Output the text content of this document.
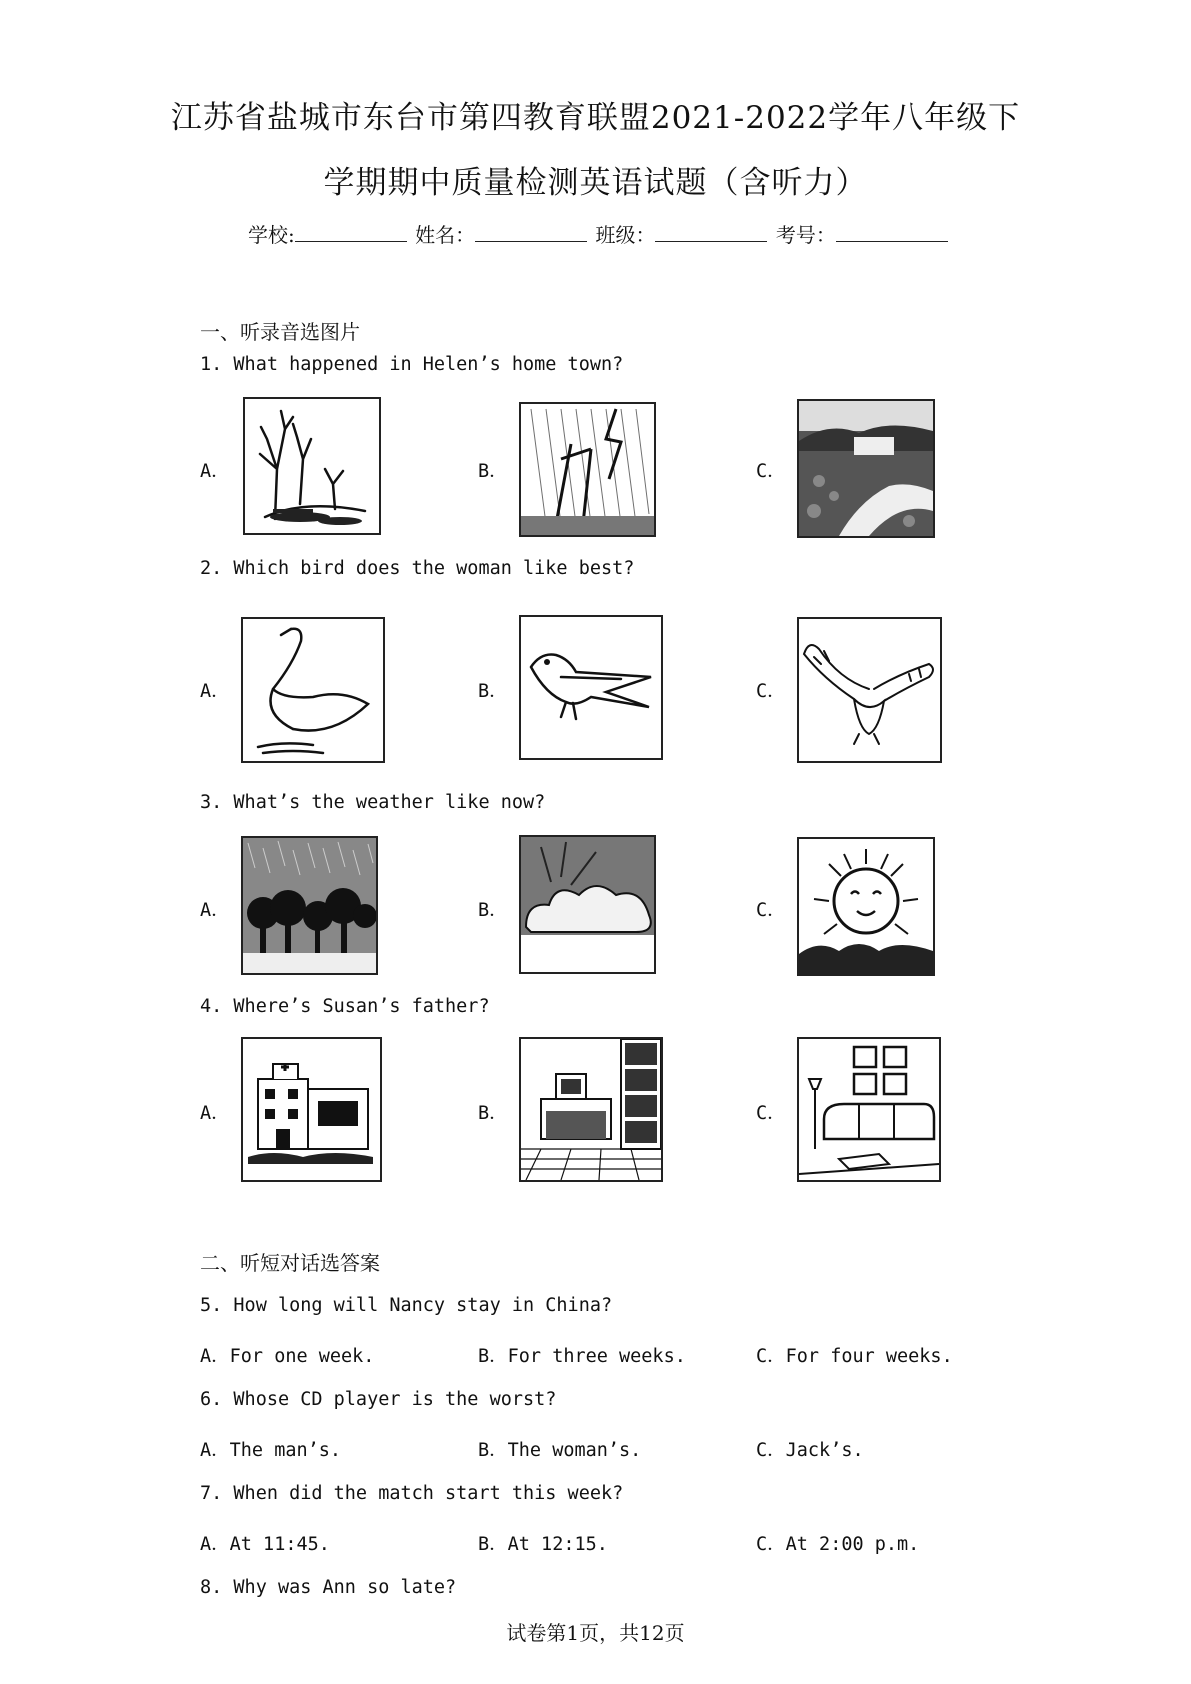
江苏省盐城市东台市第四教育联盟2021-2022学年八年级下
学期期中质量检测英语试题（含听力）
学校:	姓名：	班级：	考号：
一、听录音选图片
1. What happened in Helen’s home town?
A．	B．	C．
2. Which bird does the woman like best?
A．	B．	C．
3. What’s the weather like now?
A．	B．	C．
4. Where’s Susan’s father?
A．	B．	C．
二、听短对话选答案
5. How long will Nancy stay in China?
A．For one week.	B．For three weeks.	C．For four weeks.
6. Whose CD player is the worst?
A．The man’s.	B．The woman’s.	C．Jack’s.
7. When did the match start this week?
A．At 11:45.	B．At 12:15.	C．At 2:00 p.m.
8. Why was Ann so late?
试卷第1页，共12页
